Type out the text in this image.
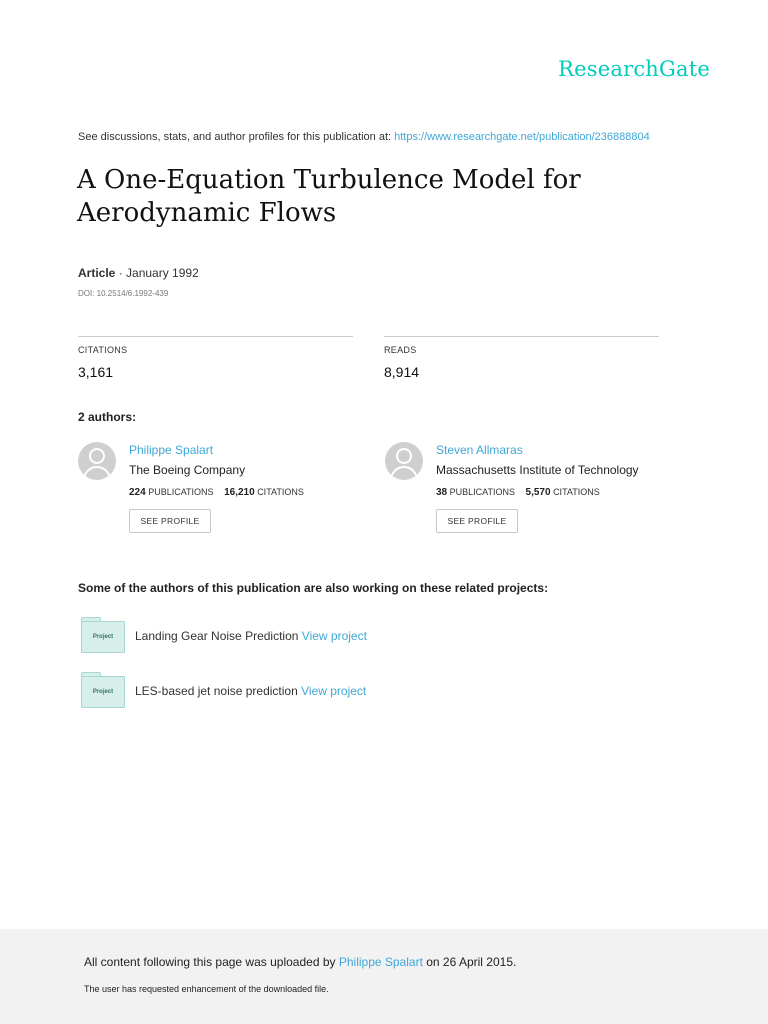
ResearchGate
See discussions, stats, and author profiles for this publication at: https://www.researchgate.net/publication/236888804
A One-Equation Turbulence Model for Aerodynamic Flows
Article · January 1992
DOI: 10.2514/6.1992-439
CITATIONS
3,161
READS
8,914
2 authors:
Philippe Spalart
The Boeing Company
224 PUBLICATIONS 16,210 CITATIONS
SEE PROFILE
Steven Allmaras
Massachusetts Institute of Technology
38 PUBLICATIONS 5,570 CITATIONS
SEE PROFILE
Some of the authors of this publication are also working on these related projects:
Project Landing Gear Noise Prediction View project
Project LES-based jet noise prediction View project
All content following this page was uploaded by Philippe Spalart on 26 April 2015.
The user has requested enhancement of the downloaded file.
